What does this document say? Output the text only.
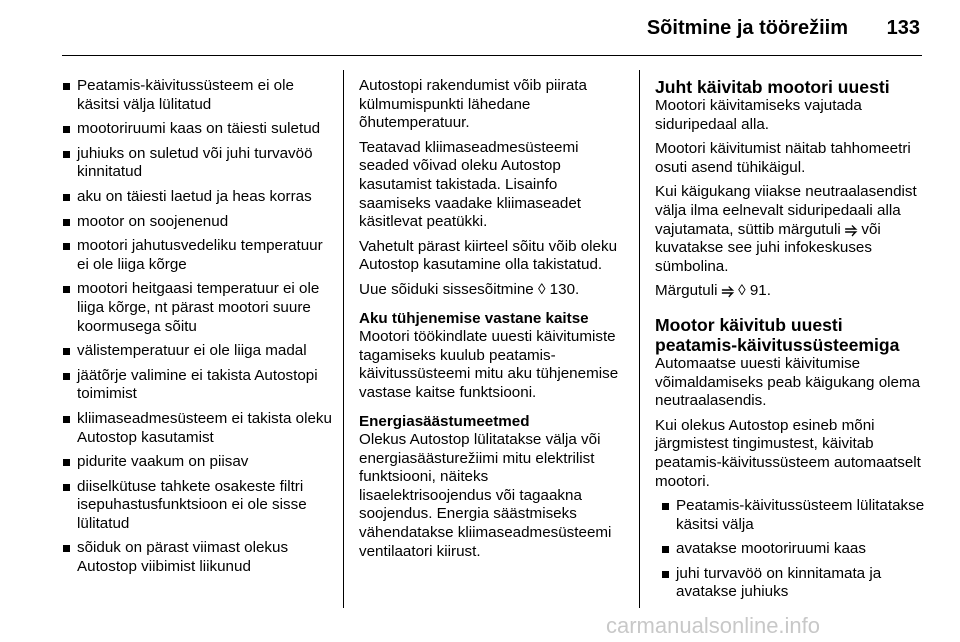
Sõitmine ja töörežiim 133
Peatamis-käivitussüsteem ei ole käsitsi välja lülitatud
mootoriruumi kaas on täiesti suletud
juhiuks on suletud või juhi turvavöö kinnitatud
aku on täiesti laetud ja heas korras
mootor on soojenenud
mootori jahutusvedeliku temperatuur ei ole liiga kõrge
mootori heitgaasi temperatuur ei ole liiga kõrge, nt pärast mootori suure koormusega sõitu
välistemperatuur ei ole liiga madal
jäätõrje valimine ei takista Autostopi toimimist
kliimaseadmesüsteem ei takista oleku Autostop kasutamist
pidurite vaakum on piisav
diiselkütuse tahkete osakeste filtri isepuhastusfunktsioon ei ole sisse lülitatud
sõiduk on pärast viimast olekus Autostop viibimist liikunud

Autostopi rakendumist võib piirata külmumispunkti lähedane õhutemperatuur.

Teatavad kliimaseadmesüsteemi seaded võivad oleku Autostop kasutamist takistada. Lisainfo saamiseks vaadake kliimaseadet käsitlevat peatükki.

Vahetult pärast kiirteel sõitu võib oleku Autostop kasutamine olla takistatud.

Uue sõiduki sissesõitmine ◊ 130.

Aku tühjenemise vastane kaitse

Mootori töökindlate uuesti käivitumiste tagamiseks kuulub peatamis-käivitussüsteemi mitu aku tühjenemise vastase kaitse funktsiooni.

Energiasäästumeetmed

Olekus Autostop lülitatakse välja või energiasäästurežiimi mitu elektrilist funktsiooni, näiteks lisaelektrisoojendus või tagaakna soojendus. Energia säästmiseks vähendatakse kliimaseadmesüsteemi ventilaatori kiirust.

Juht käivitab mootori uuesti

Mootori käivitamiseks vajutada siduripedaal alla.

Mootori käivitumist näitab tahhomeetri osuti asend tühikäigul.

Kui käigukang viiakse neutraalasendist välja ilma eelnevalt siduripedaali alla vajutamata, süttib märgutuli ⥤ või kuvatakse see juhi infokeskuses sümbolina.

Märgutuli ⥤ ◊ 91.

Mootor käivitub uuesti peatamis-käivitussüsteemiga

Automaatse uuesti käivitumise võimaldamiseks peab käigukang olema neutraalasendis.

Kui olekus Autostop esineb mõni järgmistest tingimustest, käivitab peatamis-käivitussüsteem automaatselt mootori.

Peatamis-käivitussüsteem lülitatakse käsitsi välja
avatakse mootoriruumi kaas
juhi turvavöö on kinnitamata ja avatakse juhiuks
carmanualsonline.info
